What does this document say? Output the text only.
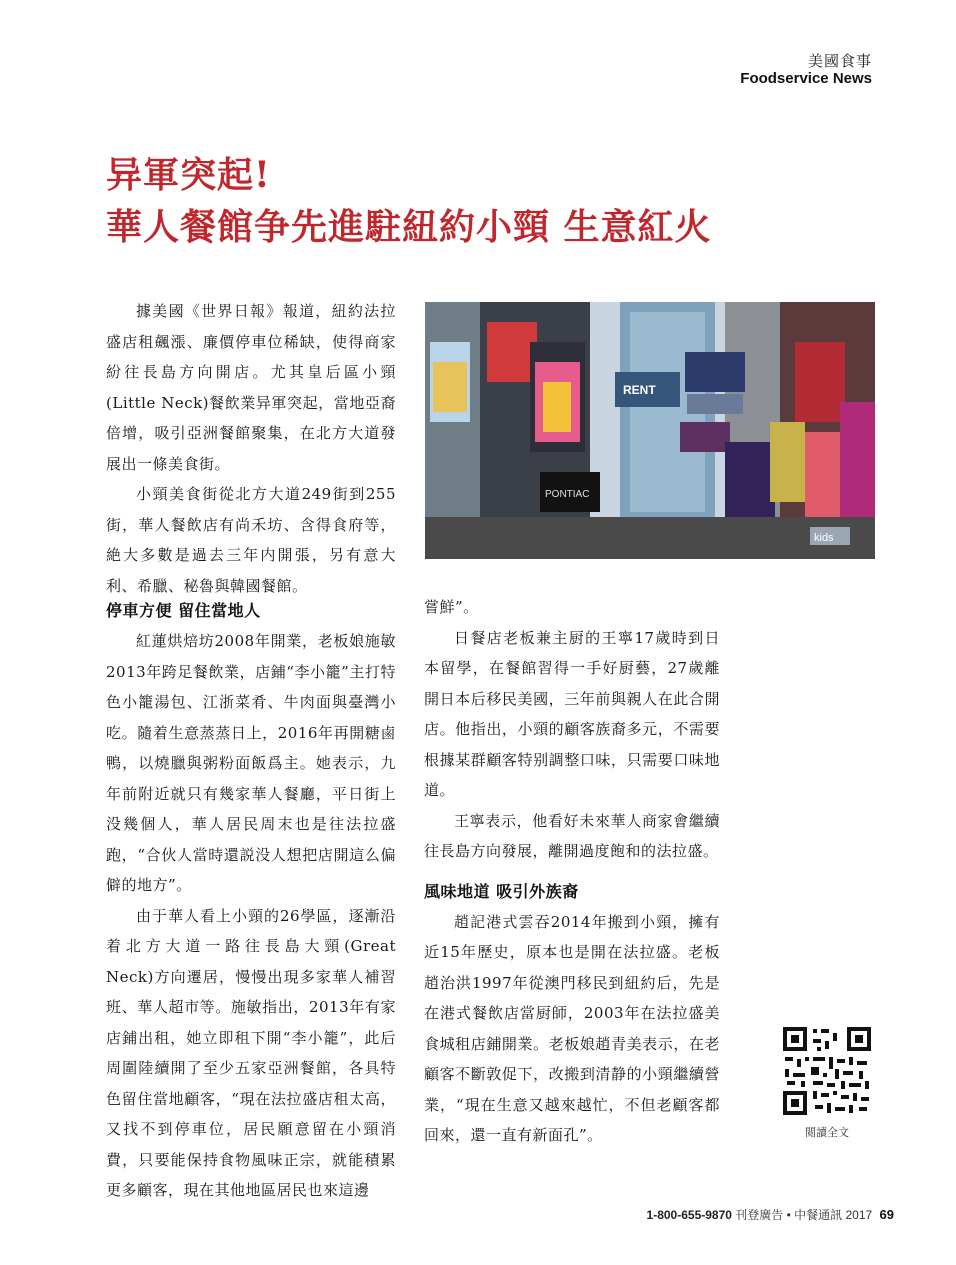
美國食事
Foodservice News
异軍突起!
華人餐館争先進駐紐約小頸 生意紅火

據美國《世界日報》報道，紐約法拉盛店租飆漲、廉價停車位稀缺，使得商家紛往長島方向開店。尤其皇后區小頸(Little Neck)餐飲業异軍突起，當地亞裔倍增，吸引亞洲餐館聚集，在北方大道發展出一條美食街。

小頸美食街從北方大道249街到255街，華人餐飲店有尚禾坊、含得食府等，絶大多數是過去三年内開張，另有意大利、希臘、秘魯與韓國餐館。

停車方便 留住當地人

紅蓮烘焙坊2008年開業，老板娘施敏2013年跨足餐飲業，店鋪“李小籠”主打特色小籠湯包、江浙菜肴、牛肉面與臺灣小吃。隨着生意蒸蒸日上，2016年再開糖鹵鴨，以燒臘與粥粉面飯爲主。她表示，九年前附近就只有幾家華人餐廳，平日街上没幾個人，華人居民周末也是往法拉盛跑，“合伙人當時還説没人想把店開這么偏僻的地方”。

由于華人看上小頸的26學區，逐漸沿着北方大道一路往長島大頸(Great Neck)方向遷居，慢慢出現多家華人補習班、華人超市等。施敏指出，2013年有家店鋪出租，她立即租下開“李小籠”，此后周圍陸續開了至少五家亞洲餐館，各具特色留住當地顧客，“現在法拉盛店租太高，又找不到停車位，居民願意留在小頸消費，只要能保持食物風味正宗，就能積累更多顧客，現在其他地區居民也來這邊

PONTIAC
RENT
kids

嘗鮮”。

日餐店老板兼主厨的王寧17歲時到日本留學，在餐館習得一手好厨藝，27歲離開日本后移民美國，三年前與親人在此合開店。他指出，小頸的顧客族裔多元，不需要根據某群顧客特别調整口味，只需要口味地道。

王寧表示，他看好未來華人商家會繼續往長島方向發展，離開過度飽和的法拉盛。

風味地道 吸引外族裔

趙記港式雲吞2014年搬到小頸，擁有近15年歷史，原本也是開在法拉盛。老板趙治洪1997年從澳門移民到紐約后，先是在港式餐飲店當厨師，2003年在法拉盛美食城租店鋪開業。老板娘趙青美表示，在老顧客不斷敦促下，改搬到清静的小頸繼續營業，“現在生意又越來越忙，不但老顧客都回來，還一直有新面孔”。	閲讀全文
1-800-655-9870 刊登廣告 • 中餐通訊 2017 69
